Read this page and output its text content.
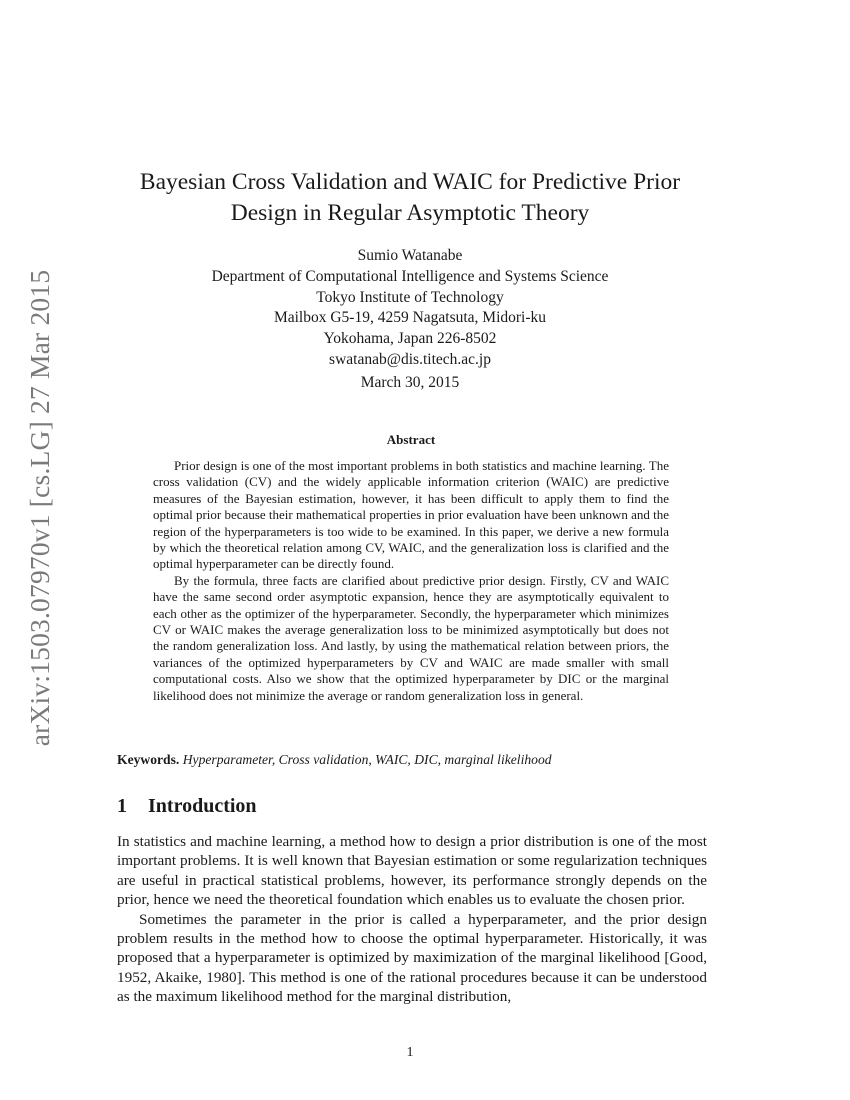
arXiv:1503.07970v1 [cs.LG] 27 Mar 2015
Bayesian Cross Validation and WAIC for Predictive Prior
Design in Regular Asymptotic Theory
Sumio Watanabe
Department of Computational Intelligence and Systems Science
Tokyo Institute of Technology
Mailbox G5-19, 4259 Nagatsuta, Midori-ku
Yokohama, Japan 226-8502
swatanab@dis.titech.ac.jp
March 30, 2015
Abstract

Prior design is one of the most important problems in both statistics and machine learning. The cross validation (CV) and the widely applicable information criterion (WAIC) are predictive measures of the Bayesian estimation, however, it has been difficult to apply them to find the optimal prior because their mathematical properties in prior evaluation have been unknown and the region of the hyperparameters is too wide to be examined. In this paper, we derive a new formula by which the theoretical relation among CV, WAIC, and the generalization loss is clarified and the optimal hyperparameter can be directly found.

By the formula, three facts are clarified about predictive prior design. Firstly, CV and WAIC have the same second order asymptotic expansion, hence they are asymptotically equivalent to each other as the optimizer of the hyperparameter. Secondly, the hyperparameter which minimizes CV or WAIC makes the average generalization loss to be minimized asymptotically but does not the random generalization loss. And lastly, by using the mathematical relation between priors, the variances of the optimized hyperparameters by CV and WAIC are made smaller with small computational costs. Also we show that the optimized hyperparameter by DIC or the marginal likelihood does not minimize the average or random generalization loss in general.

Keywords. Hyperparameter, Cross validation, WAIC, DIC, marginal likelihood
1 Introduction

In statistics and machine learning, a method how to design a prior distribution is one of the most important problems. It is well known that Bayesian estimation or some regularization techniques are useful in practical statistical problems, however, its performance strongly depends on the prior, hence we need the theoretical foundation which enables us to evaluate the chosen prior.

Sometimes the parameter in the prior is called a hyperparameter, and the prior design problem results in the method how to choose the optimal hyperparameter. Historically, it was proposed that a hyperparameter is optimized by maximization of the marginal likelihood [Good, 1952, Akaike, 1980]. This method is one of the rational procedures because it can be understood as the maximum likelihood method for the marginal distribution,

1
